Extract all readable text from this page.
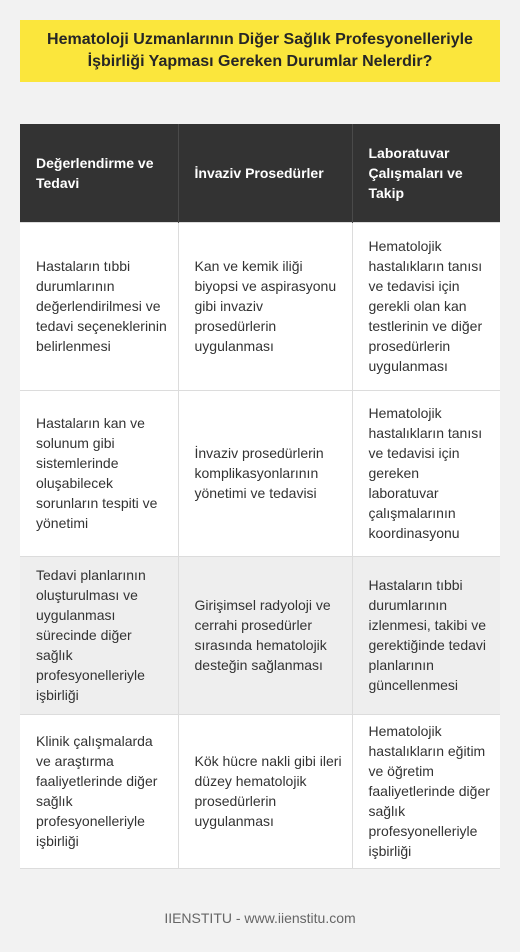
Hematoloji Uzmanlarının Diğer Sağlık Profesyonelleriyle
İşbirliği Yapması Gereken Durumlar Nelerdir?
Değerlendirme ve Tedavi	İnvaziv Prosedürler	Laboratuvar Çalışmaları ve Takip
Hastaların tıbbi durumlarının değerlendirilmesi ve tedavi seçeneklerinin belirlenmesi	Kan ve kemik iliği biyopsi ve aspirasyonu gibi invaziv prosedürlerin uygulanması	Hematolojik hastalıkların tanısı ve tedavisi için gerekli olan kan testlerinin ve diğer prosedürlerin uygulanması
Hastaların kan ve solunum gibi sistemlerinde oluşabilecek sorunların tespiti ve yönetimi	İnvaziv prosedürlerin komplikasyonlarının yönetimi ve tedavisi	Hematolojik hastalıkların tanısı ve tedavisi için gereken laboratuvar çalışmalarının koordinasyonu
Tedavi planlarının oluşturulması ve uygulanması sürecinde diğer sağlık profesyonelleriyle işbirliği	Girişimsel radyoloji ve cerrahi prosedürler sırasında hematolojik desteğin sağlanması	Hastaların tıbbi durumlarının izlenmesi, takibi ve gerektiğinde tedavi planlarının güncellenmesi
Klinik çalışmalarda ve araştırma faaliyetlerinde diğer sağlık profesyonelleriyle işbirliği	Kök hücre nakli gibi ileri düzey hematolojik prosedürlerin uygulanması	Hematolojik hastalıkların eğitim ve öğretim faaliyetlerinde diğer sağlık profesyonelleriyle işbirliği
IIENSTITU - www.iienstitu.com
